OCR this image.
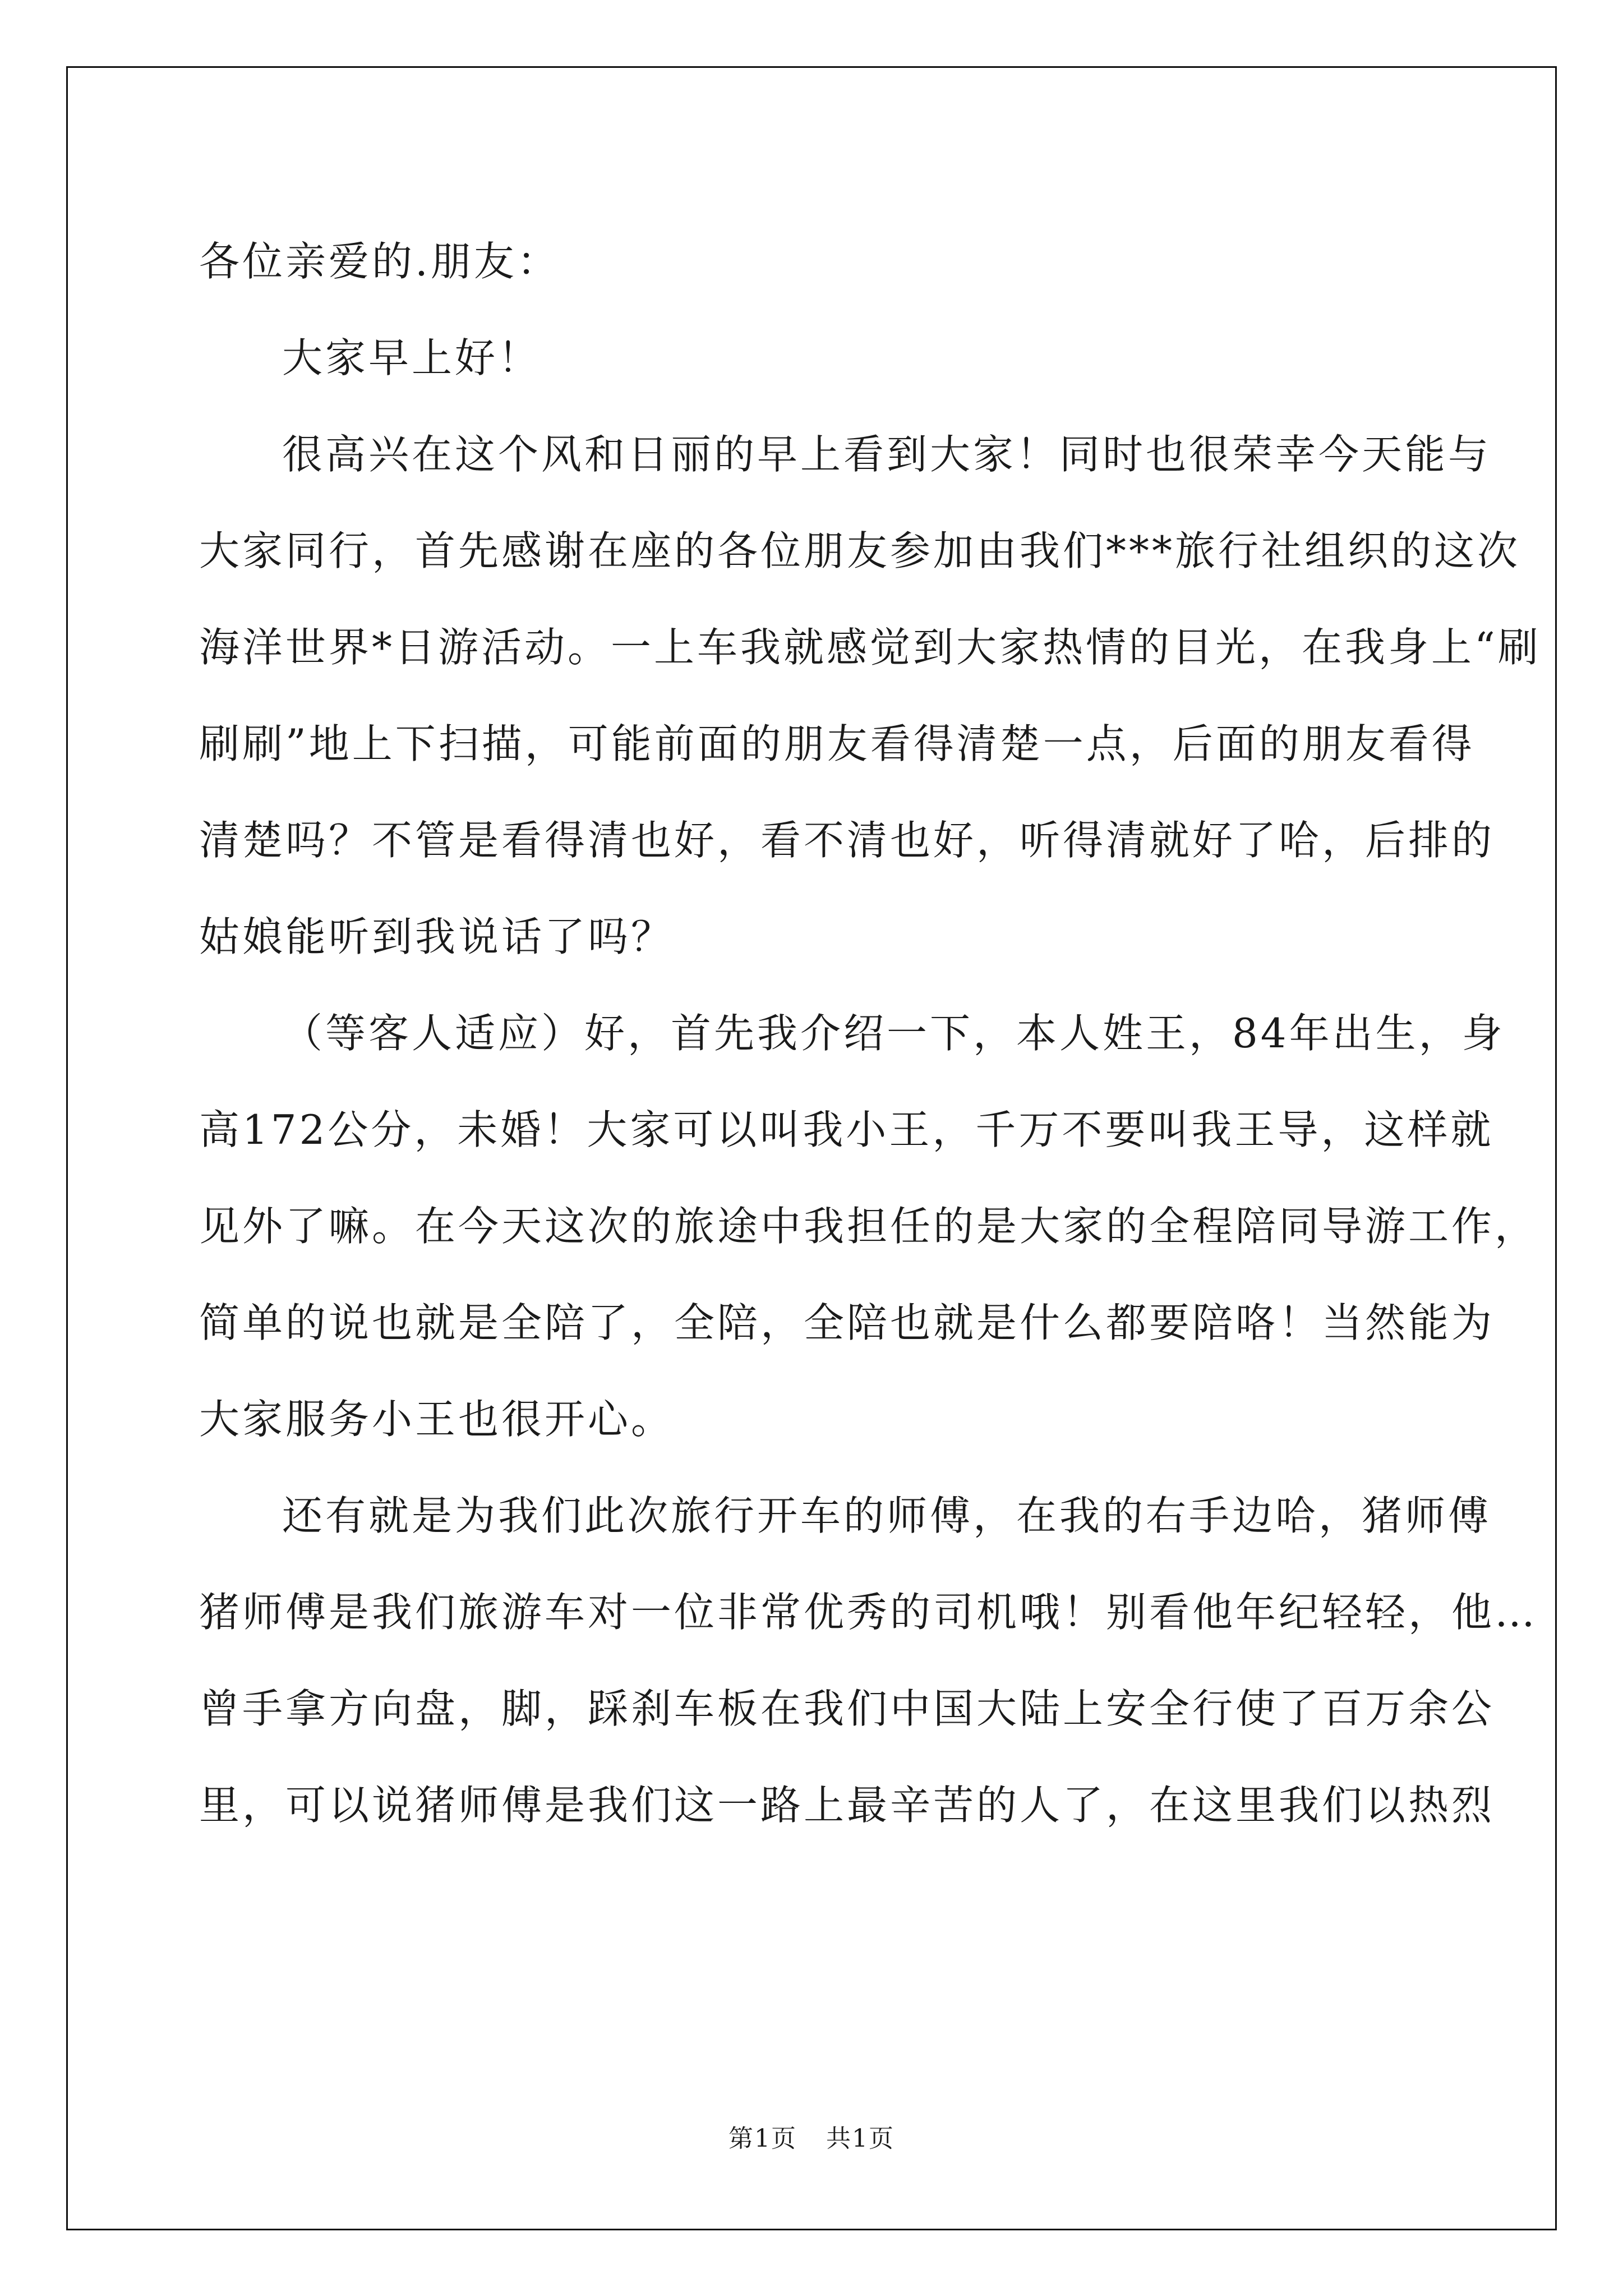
各位亲爱的.朋友：
大家早上好！
很高兴在这个风和日丽的早上看到大家！同时也很荣幸今天能与
大家同行，首先感谢在座的各位朋友参加由我们***旅行社组织的这次
海洋世界*日游活动。一上车我就感觉到大家热情的目光，在我身上“刷
刷刷”地上下扫描，可能前面的朋友看得清楚一点，后面的朋友看得
清楚吗？不管是看得清也好，看不清也好，听得清就好了哈，后排的
姑娘能听到我说话了吗？
（等客人适应）好，首先我介绍一下，本人姓王，84年出生，身
高172公分，未婚！大家可以叫我小王，千万不要叫我王导，这样就
见外了嘛。在今天这次的旅途中我担任的是大家的全程陪同导游工作，
简单的说也就是全陪了，全陪，全陪也就是什么都要陪咯！当然能为
大家服务小王也很开心。
还有就是为我们此次旅行开车的师傅，在我的右手边哈，猪师傅
猪师傅是我们旅游车对一位非常优秀的司机哦！别看他年纪轻轻，他…
曾手拿方向盘，脚，踩刹车板在我们中国大陆上安全行使了百万余公
里，可以说猪师傅是我们这一路上最辛苦的人了，在这里我们以热烈
第1页 共1页
